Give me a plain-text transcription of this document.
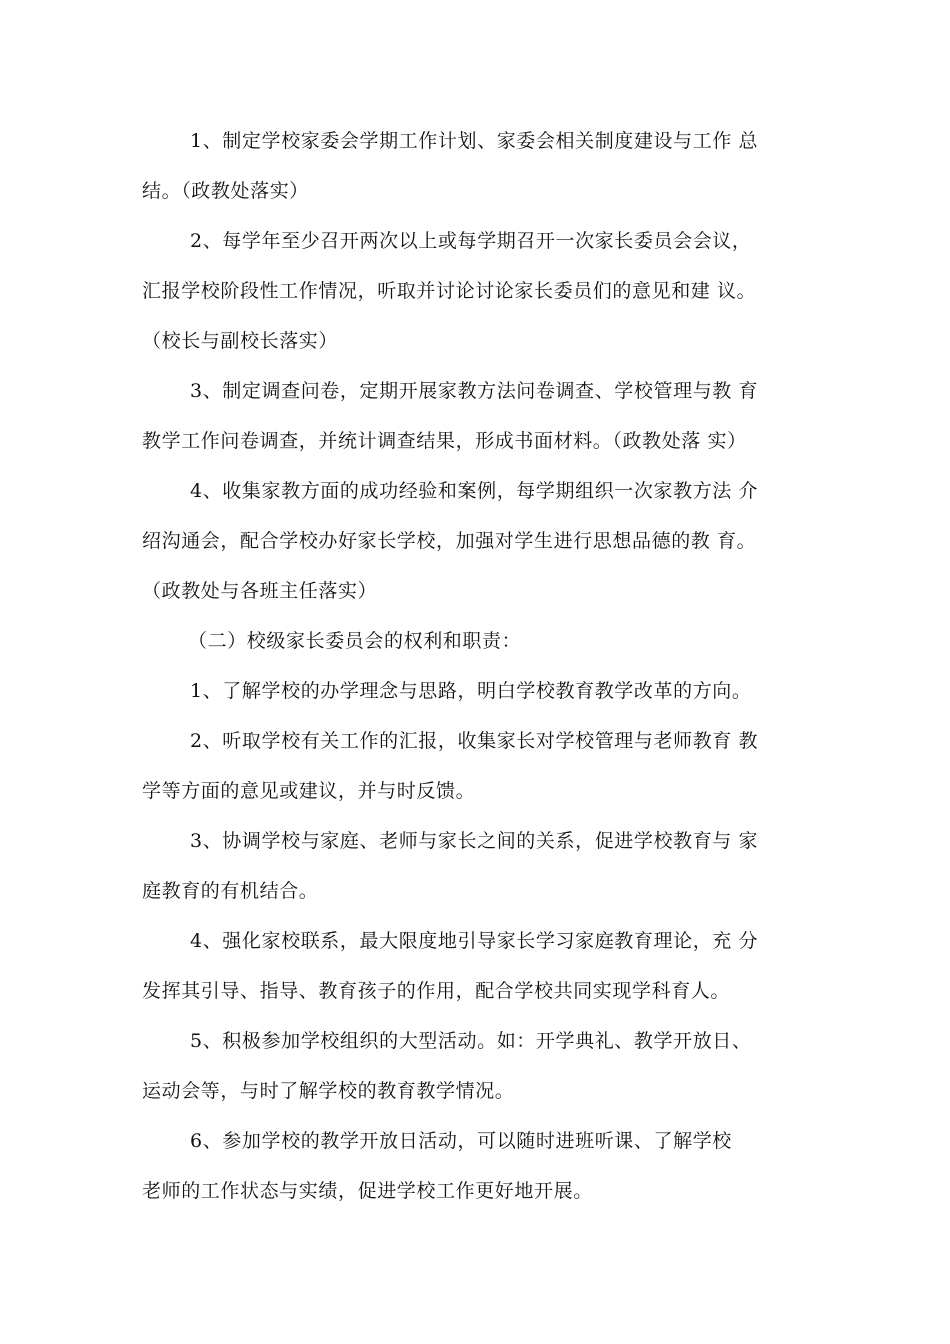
1、制定学校家委会学期工作计划、家委会相关制度建设与工作 总
结。（政教处落实）
2、每学年至少召开两次以上或每学期召开一次家长委员会会议，
汇报学校阶段性工作情况，听取并讨论讨论家长委员们的意见和建 议。
（校长与副校长落实）
3、制定调查问卷，定期开展家教方法问卷调查、学校管理与教 育
教学工作问卷调查，并统计调查结果，形成书面材料。（政教处落 实）
4、收集家教方面的成功经验和案例，每学期组织一次家教方法 介
绍沟通会，配合学校办好家长学校，加强对学生进行思想品德的教 育。
（政教处与各班主任落实）
（二）校级家长委员会的权利和职责：
1、了解学校的办学理念与思路，明白学校教育教学改革的方向。
2、听取学校有关工作的汇报，收集家长对学校管理与老师教育 教
学等方面的意见或建议，并与时反馈。
3、协调学校与家庭、老师与家长之间的关系，促进学校教育与 家
庭教育的有机结合。
4、强化家校联系，最大限度地引导家长学习家庭教育理论，充 分
发挥其引导、指导、教育孩子的作用，配合学校共同实现学科育人。
5、积极参加学校组织的大型活动。如：开学典礼、教学开放日、
运动会等，与时了解学校的教育教学情况。
6、参加学校的教学开放日活动，可以随时进班听课、了解学校
老师的工作状态与实绩，促进学校工作更好地开展。
